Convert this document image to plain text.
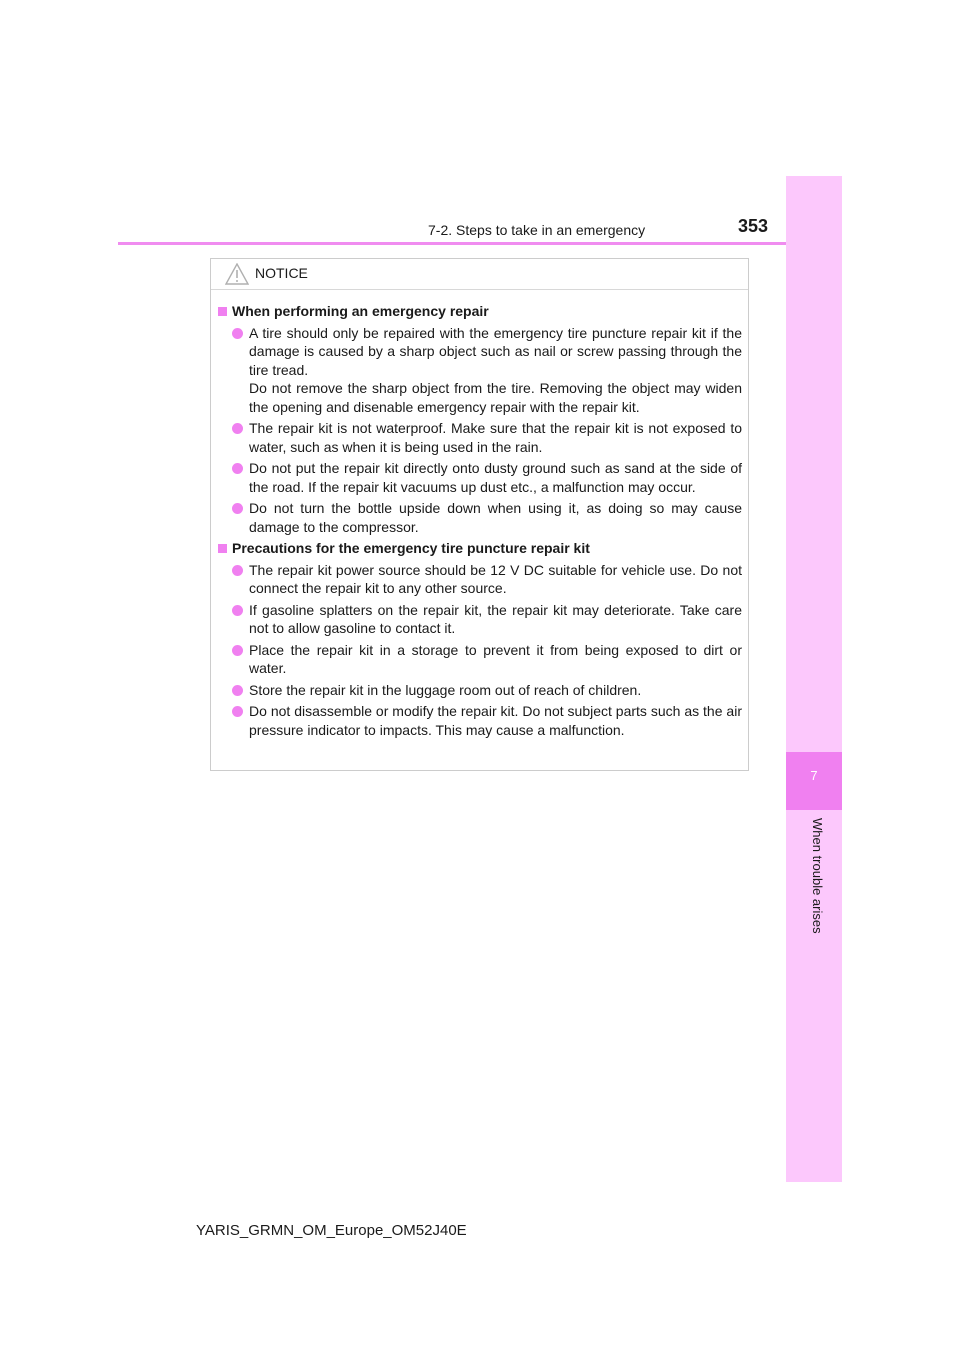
7-2. Steps to take in an emergency	353
7
When trouble arises
NOTICE
When performing an emergency repair
A tire should only be repaired with the emergency tire puncture repair kit if the damage is caused by a sharp object such as nail or screw passing through the tire tread.
Do not remove the sharp object from the tire. Removing the object may widen the opening and disenable emergency repair with the repair kit.
The repair kit is not waterproof. Make sure that the repair kit is not exposed to water, such as when it is being used in the rain.
Do not put the repair kit directly onto dusty ground such as sand at the side of the road. If the repair kit vacuums up dust etc., a malfunction may occur.
Do not turn the bottle upside down when using it, as doing so may cause damage to the compressor.
Precautions for the emergency tire puncture repair kit
The repair kit power source should be 12 V DC suitable for vehicle use. Do not connect the repair kit to any other source.
If gasoline splatters on the repair kit, the repair kit may deteriorate. Take care not to allow gasoline to contact it.
Place the repair kit in a storage to prevent it from being exposed to dirt or water.
Store the repair kit in the luggage room out of reach of children.
Do not disassemble or modify the repair kit. Do not subject parts such as the air pressure indicator to impacts. This may cause a malfunction.
YARIS_GRMN_OM_Europe_OM52J40E
